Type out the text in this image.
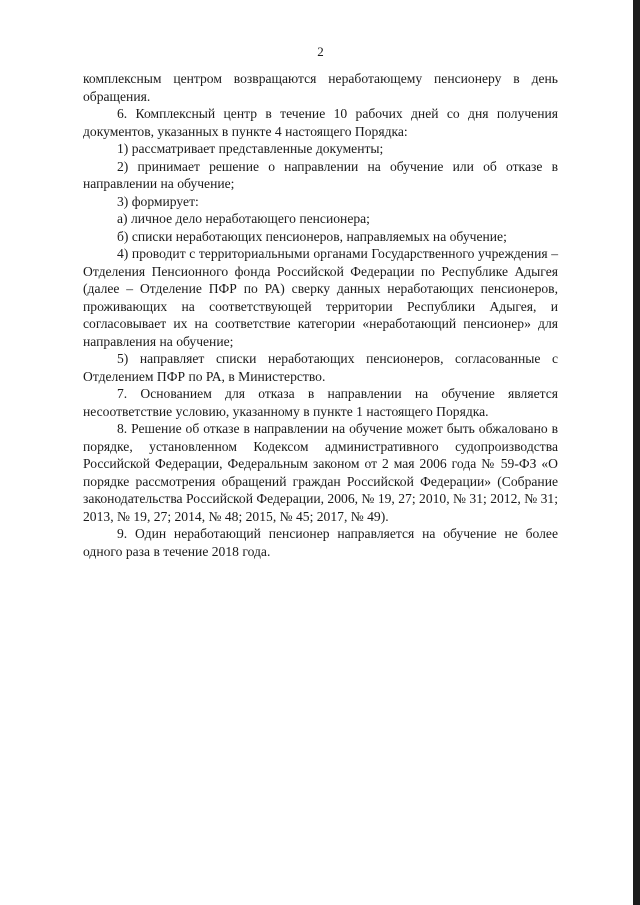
2

комплексным центром возвращаются неработающему пенсионеру в день обращения.

6. Комплексный центр в течение 10 рабочих дней со дня получения документов, указанных в пункте 4 настоящего Порядка:

1) рассматривает представленные документы;

2) принимает решение о направлении на обучение или об отказе в направлении на обучение;

3) формирует:

а) личное дело неработающего пенсионера;

б) списки неработающих пенсионеров, направляемых на обучение;

4) проводит с территориальными органами Государственного учреждения – Отделения Пенсионного фонда Российской Федерации по Республике Адыгея (далее – Отделение ПФР по РА) сверку данных неработающих пенсионеров, проживающих на соответствующей территории Республики Адыгея, и согласовывает их на соответствие категории «неработающий пенсионер» для направления на обучение;

5) направляет списки неработающих пенсионеров, согласованные с Отделением ПФР по РА, в Министерство.

7. Основанием для отказа в направлении на обучение является несоответствие условию, указанному в пункте 1 настоящего Порядка.

8. Решение об отказе в направлении на обучение может быть обжаловано в порядке, установленном Кодексом административного судопроизводства Российской Федерации, Федеральным законом от 2 мая 2006 года № 59-ФЗ «О порядке рассмотрения обращений граждан Российской Федерации» (Собрание законодательства Российской Федерации, 2006, № 19, 27; 2010, № 31; 2012, № 31; 2013, № 19, 27; 2014, № 48; 2015, № 45; 2017, № 49).

9. Один неработающий пенсионер направляется на обучение не более одного раза в течение 2018 года.
